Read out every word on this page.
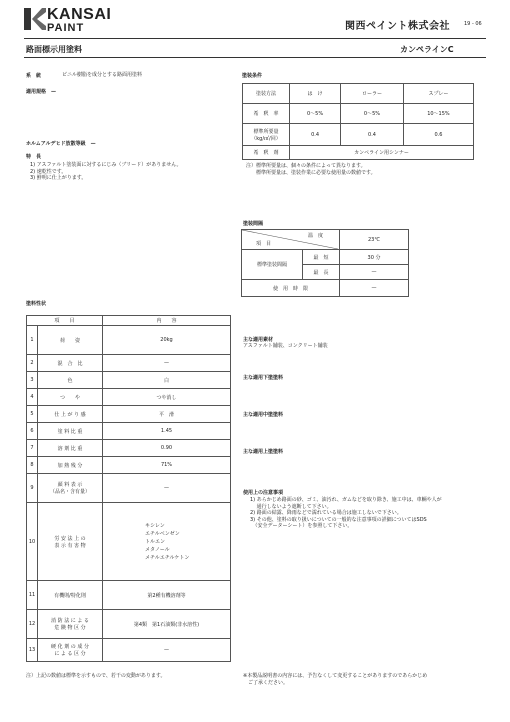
KANSAI
PAINT	関西ペイント株式会社	19 - 06
路面標示用塗料	カンペラインC
系　統	ビニル樹脂を成分とする路面用塗料
適用規格　—
ホルムアルデヒド放散等級　—
特　長
1) アスファルト塗装面に対するにじみ（ブリード）がありません。
2) 速乾性です。
3) 鮮明に仕上がります。
塗料性状
項　　目		内　　容
1	荷　　姿	20kg
2	混　合　比	—
3	色	白
4	つ　　や	つや消し
5	仕 上 が り 感	平　滑
6	塗 料 比 重	1.45
7	溶 剤 比 重	0.90
8	加 熱 残 分	71%
9	顔 料 表 示
（品名・含有量）	—
10	労 安 法 上 の
表 示 有 害 物	キシレン
エチルベンゼン
トルエン
メタノール
メチルエチルケトン
11	有機則/特化則	第2種有機溶剤等
12	消 防 法 に よ る
危 険 物 区 分	第4類　第1石油類(非水溶性)
13	硬 化 剤 の 成 分
に よ る 区 分	—
注）上記の数値は標準を示すもので、若干の変動があります。
塗装条件
塗装方法	は　け	ローラー	スプレー
希　釈　率	0〜5%	0〜5%	10〜15%
標準所要量
（kg/㎡/回）	0.4	0.4	0.6
希　釈　剤	カンペライン用シンナー		
注）標準所要量は、個々の条件によって異なります。
　　標準所要量は、塗装作業に必要な使用量の数値です。
塗装間隔
温　度
項　目		23℃
標準塗装間隔	最　短	30 分
	最　長	—
使　用　時　限		—
主な適用素材
アスファルト舗装、コンクリート舗装
主な適用下塗塗料
主な適用中塗塗料
主な適用上塗塗料
使用上の注意事項
1) あらかじめ路面の砂、ゴミ、油汚れ、ガムなどを取り除き、施工中は、車輌や人が
　 通行しないよう遮断して下さい。
2) 路面の結露、降雨などで濡れている場合は施工しないで下さい。
3) その他、塗料の取り扱いについての一般的な注意事項の詳細についてはSDS
　（安全データーシート）を参照して下さい。
※本製品説明書の内容には、予告なくして変更することがありますのであらかじめ
　ご了承ください。
